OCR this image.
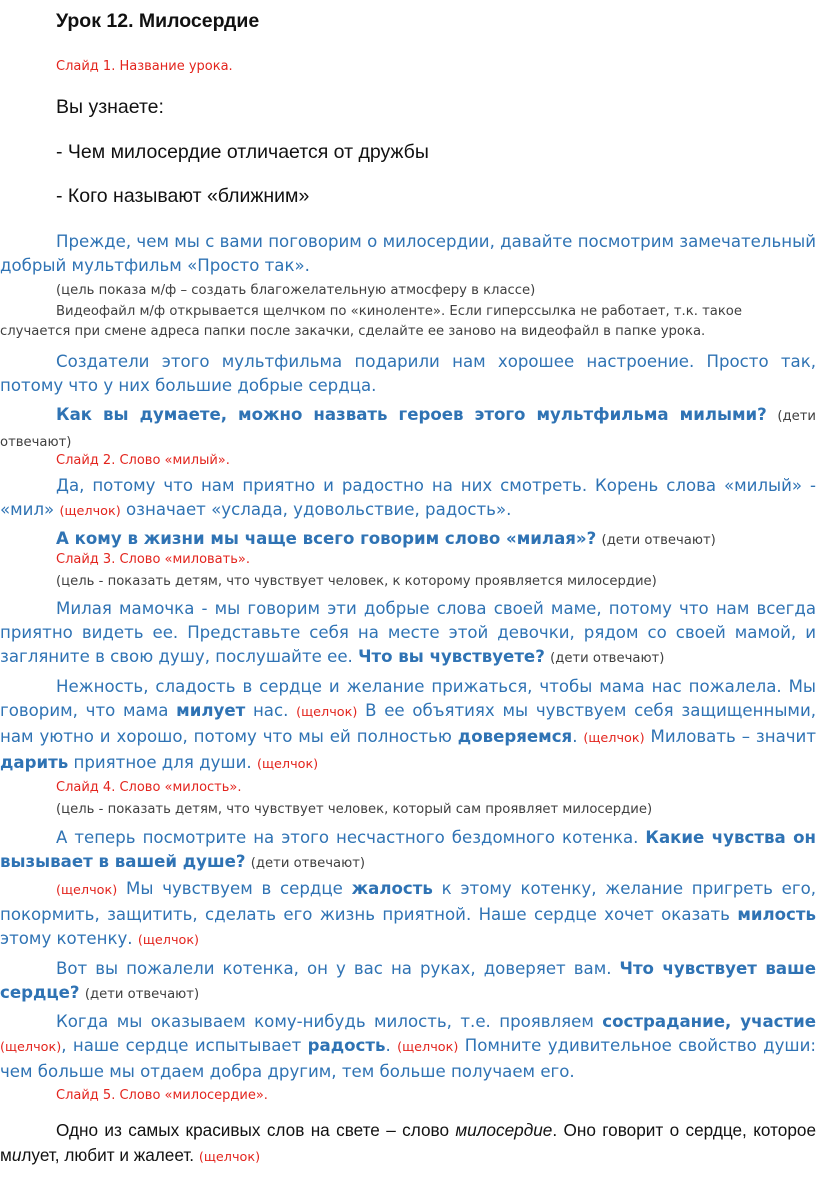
Урок 12. Милосердие
Слайд 1. Название урока.
Вы узнаете:
- Чем милосердие отличается от дружбы
- Кого называют «ближним»
Прежде, чем мы с вами поговорим о милосердии, давайте посмотрим замечательный добрый мультфильм «Просто так».
(цель показа м/ф – создать благожелательную атмосферу в классе)
Видеофайл м/ф открывается щелчком по «киноленте». Если гиперссылка не работает, т.к. такое случается при смене адреса папки после закачки, сделайте ее заново на видеофайл в папке урока.
Создатели этого мультфильма подарили нам хорошее настроение. Просто так, потому что у них большие добрые сердца.
Как вы думаете, можно назвать героев этого мультфильма милыми? (дети отвечают)
Слайд 2. Слово «милый».
Да, потому что нам приятно и радостно на них смотреть. Корень слова «милый» - «мил» (щелчок) означает «услада, удовольствие, радость».
А кому в жизни мы чаще всего говорим слово «милая»? (дети отвечают)
Слайд 3. Слово «миловать».
(цель - показать детям, что чувствует человек, к которому проявляется милосердие)
Милая мамочка - мы говорим эти добрые слова своей маме, потому что нам всегда приятно видеть ее. Представьте себя на месте этой девочки, рядом со своей мамой, и загляните в свою душу, послушайте ее. Что вы чувствуете? (дети отвечают)
Нежность, сладость в сердце и желание прижаться, чтобы мама нас пожалела. Мы говорим, что мама милует нас. (щелчок) В ее объятиях мы чувствуем себя защищенными, нам уютно и хорошо, потому что мы ей полностью доверяемся. (щелчок) Миловать – значит дарить приятное для души. (щелчок)
Слайд 4. Слово «милость».
(цель - показать детям, что чувствует человек, который сам проявляет милосердие)
А теперь посмотрите на этого несчастного бездомного котенка. Какие чувства он вызывает в вашей душе? (дети отвечают)
(щелчок) Мы чувствуем в сердце жалость к этому котенку, желание пригреть его, покормить, защитить, сделать его жизнь приятной. Наше сердце хочет оказать милость этому котенку. (щелчок)
Вот вы пожалели котенка, он у вас на руках, доверяет вам. Что чувствует ваше сердце? (дети отвечают)
Когда мы оказываем кому-нибудь милость, т.е. проявляем сострадание, участие (щелчок), наше сердце испытывает радость. (щелчок) Помните удивительное свойство души: чем больше мы отдаем добра другим, тем больше получаем его.
Слайд 5. Слово «милосердие».
Одно из самых красивых слов на свете – слово милосердие. Оно говорит о сердце, которое милует, любит и жалеет. (щелчок)
